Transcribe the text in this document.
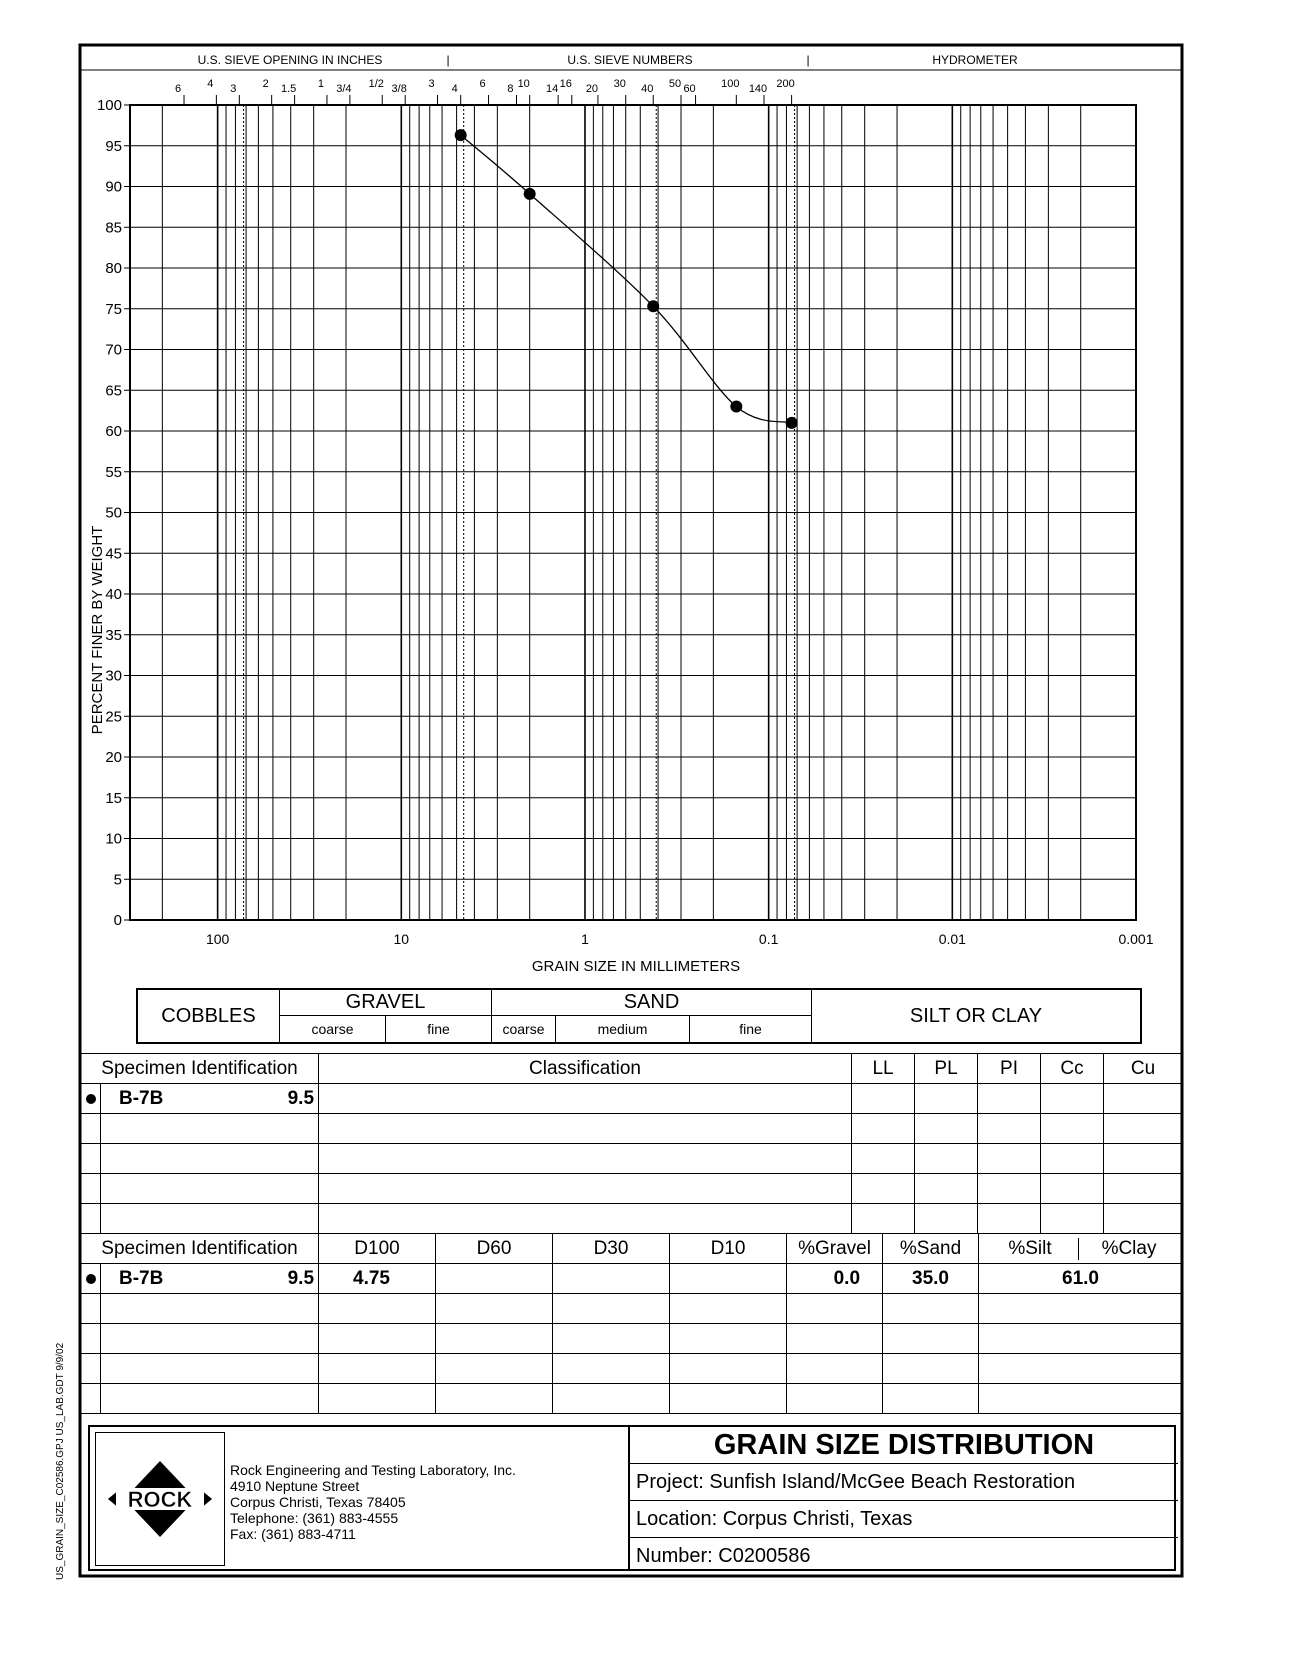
U.S. SIEVE OPENING IN INCHES	|	U.S. SIEVE NUMBERS	|	HYDROMETER
6 4 3 2 1.5 1 3/4 1/2 3/8 3 4 6 8 10 14 16 20 30 40 50 60 100 140 200
0
5
10
15
20
25
30
35
40
45
50
55
60
65
70
75
80
85
90
95
100
100	10	1	0.1	0.01	0.001
GRAIN SIZE IN MILLIMETERS
PERCENT FINER BY WEIGHT
COBBLES
GRAVEL
coarse	fine
SAND
coarse	medium	fine
SILT OR CLAY
Specimen Identification		Classification	LL	PL	PI	Cc	Cu
	B-7B 9.5						

Specimen Identification		D100	D60	D30	D10	%Gravel	%Sand	%Silt %Clay
	B-7B 9.5	4.75				0.0	35.0	61.0

ROCK
Rock Engineering and Testing Laboratory, Inc.
4910 Neptune Street
Corpus Christi, Texas 78405
Telephone: (361) 883-4555
Fax: (361) 883-4711
GRAIN SIZE DISTRIBUTION
Project: Sunfish Island/McGee Beach Restoration
Location: Corpus Christi, Texas
Number: C0200586
US_GRAIN_SIZE_C02586.GPJ US_LAB.GDT 9/9/02
